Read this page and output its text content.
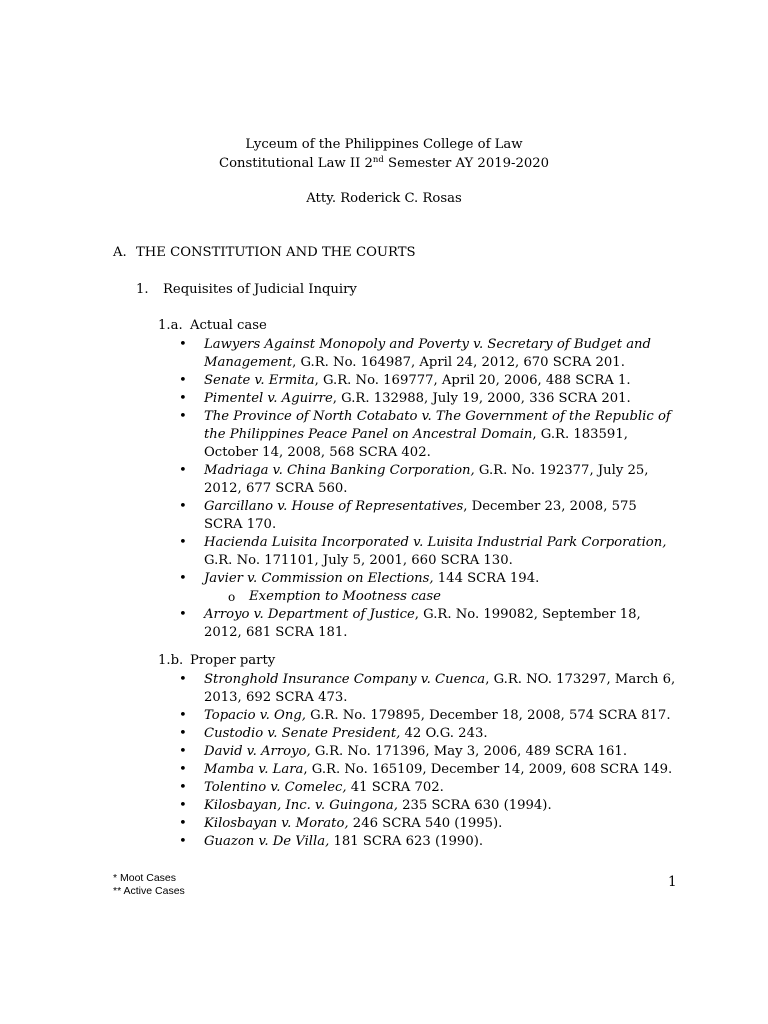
Lyceum of the Philippines College of Law
Constitutional Law II 2nd Semester AY 2019-2020
Atty. Roderick C. Rosas
A. THE CONSTITUTION AND THE COURTS
1. Requisites of Judicial Inquiry
1.a. Actual case
• Lawyers Against Monopoly and Poverty v. Secretary of Budget and Management, G.R. No. 164987, April 24, 2012, 670 SCRA 201.
• Senate v. Ermita, G.R. No. 169777, April 20, 2006, 488 SCRA 1.
• Pimentel v. Aguirre, G.R. 132988, July 19, 2000, 336 SCRA 201.
• The Province of North Cotabato v. The Government of the Republic of the Philippines Peace Panel on Ancestral Domain, G.R. 183591, October 14, 2008, 568 SCRA 402.
• Madriaga v. China Banking Corporation, G.R. No. 192377, July 25, 2012, 677 SCRA 560.
• Garcillano v. House of Representatives, December 23, 2008, 575 SCRA 170.
• Hacienda Luisita Incorporated v. Luisita Industrial Park Corporation, G.R. No. 171101, July 5, 2001, 660 SCRA 130.
• Javier v. Commission on Elections, 144 SCRA 194.
o Exemption to Mootness case
• Arroyo v. Department of Justice, G.R. No. 199082, September 18, 2012, 681 SCRA 181.
1.b. Proper party
• Stronghold Insurance Company v. Cuenca, G.R. NO. 173297, March 6, 2013, 692 SCRA 473.
• Topacio v. Ong, G.R. No. 179895, December 18, 2008, 574 SCRA 817.
• Custodio v. Senate President, 42 O.G. 243.
• David v. Arroyo, G.R. No. 171396, May 3, 2006, 489 SCRA 161.
• Mamba v. Lara, G.R. No. 165109, December 14, 2009, 608 SCRA 149.
• Tolentino v. Comelec, 41 SCRA 702.
• Kilosbayan, Inc. v. Guingona, 235 SCRA 630 (1994).
• Kilosbayan v. Morato, 246 SCRA 540 (1995).
• Guazon v. De Villa, 181 SCRA 623 (1990).
* Moot Cases
** Active Cases
1
